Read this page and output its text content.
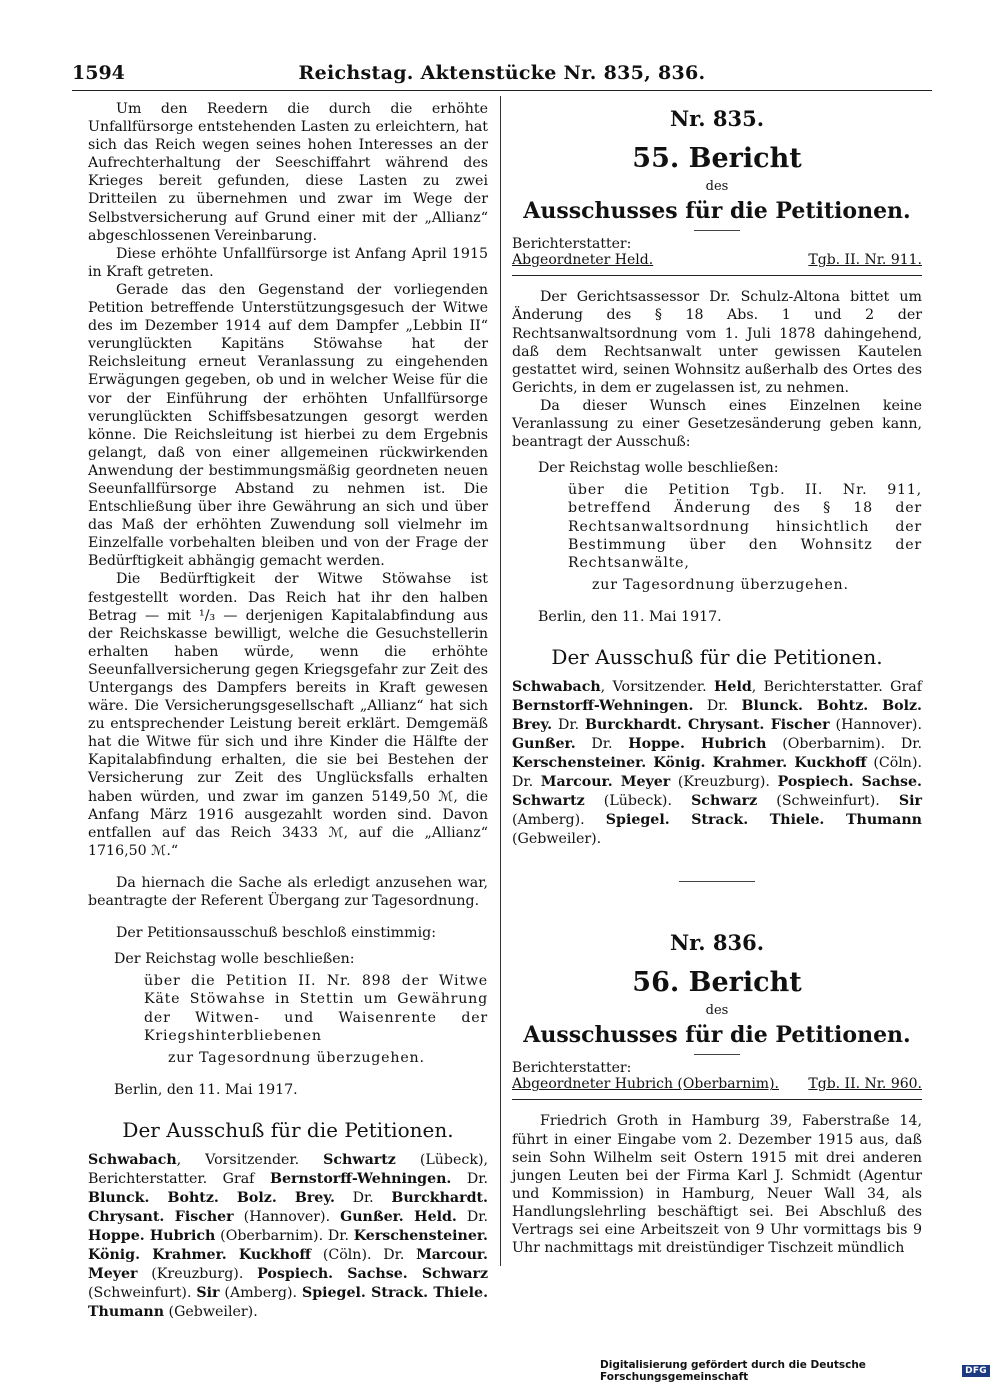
1594	Reichstag. Aktenstücke Nr. 835, 836.

Um den Reedern die durch die erhöhte Unfallfürsorge entstehenden Lasten zu erleichtern, hat sich das Reich wegen seines hohen Interesses an der Aufrechterhaltung der Seeschiffahrt während des Krieges bereit gefunden, diese Lasten zu zwei Dritteilen zu übernehmen und zwar im Wege der Selbstversicherung auf Grund einer mit der „Allianz“ abgeschlossenen Vereinbarung.

Diese erhöhte Unfallfürsorge ist Anfang April 1915 in Kraft getreten.

Gerade das den Gegenstand der vorliegenden Petition betreffende Unterstützungsgesuch der Witwe des im Dezember 1914 auf dem Dampfer „Lebbin II“ verunglückten Kapitäns Stöwahse hat der Reichsleitung erneut Veranlassung zu eingehenden Erwägungen gegeben, ob und in welcher Weise für die vor der Einführung der erhöhten Unfallfürsorge verunglückten Schiffsbesatzungen gesorgt werden könne. Die Reichsleitung ist hierbei zu dem Ergebnis gelangt, daß von einer allgemeinen rückwirkenden Anwendung der bestimmungsmäßig geordneten neuen Seeunfallfürsorge Abstand zu nehmen ist. Die Entschließung über ihre Gewährung an sich und über das Maß der erhöhten Zuwendung soll vielmehr im Einzelfalle vorbehalten bleiben und von der Frage der Bedürftigkeit abhängig gemacht werden.

Die Bedürftigkeit der Witwe Stöwahse ist festgestellt worden. Das Reich hat ihr den halben Betrag — mit ¹/₃ — derjenigen Kapitalabfindung aus der Reichskasse bewilligt, welche die Gesuchstellerin erhalten haben würde, wenn die erhöhte Seeunfallversicherung gegen Kriegsgefahr zur Zeit des Untergangs des Dampfers bereits in Kraft gewesen wäre. Die Versicherungsgesellschaft „Allianz“ hat sich zu entsprechender Leistung bereit erklärt. Demgemäß hat die Witwe für sich und ihre Kinder die Hälfte der Kapitalabfindung erhalten, die sie bei Bestehen der Versicherung zur Zeit des Unglücksfalls erhalten haben würden, und zwar im ganzen 5149,50 ℳ, die Anfang März 1916 ausgezahlt worden sind. Davon entfallen auf das Reich 3433 ℳ, auf die „Allianz“ 1716,50 ℳ.“

Da hiernach die Sache als erledigt anzusehen war, beantragte der Referent Übergang zur Tagesordnung.

Der Petitionsausschuß beschloß einstimmig:

Der Reichstag wolle beschließen:

über die Petition II. Nr. 898 der Witwe Käte Stöwahse in Stettin um Gewährung der Witwen- und Waisenrente der Kriegshinterbliebenen

zur Tagesordnung überzugehen.

Berlin, den 11. Mai 1917.

Der Ausschuß für die Petitionen.

Schwabach, Vorsitzender. Schwartz (Lübeck), Berichterstatter. Graf Bernstorff-Wehningen. Dr. Blunck. Bohtz. Bolz. Brey. Dr. Burckhardt. Chrysant. Fischer (Hannover). Gunßer. Held. Dr. Hoppe. Hubrich (Oberbarnim). Dr. Kerschensteiner. König. Krahmer. Kuckhoff (Cöln). Dr. Marcour. Meyer (Kreuzburg). Pospiech. Sachse. Schwarz (Schweinfurt). Sir (Amberg). Spiegel. Strack. Thiele. Thumann (Gebweiler).

Nr. 835.

55. Bericht

des

Ausschusses für die Petitionen.

Berichterstatter:
Abgeordneter Held.	Tgb. II. Nr. 911.

Der Gerichtsassessor Dr. Schulz-Altona bittet um Änderung des § 18 Abs. 1 und 2 der Rechtsanwaltsordnung vom 1. Juli 1878 dahingehend, daß dem Rechtsanwalt unter gewissen Kautelen gestattet wird, seinen Wohnsitz außerhalb des Ortes des Gerichts, in dem er zugelassen ist, zu nehmen.

Da dieser Wunsch eines Einzelnen keine Veranlassung zu einer Gesetzesänderung geben kann, beantragt der Ausschuß:

Der Reichstag wolle beschließen:

über die Petition Tgb. II. Nr. 911, betreffend Änderung des § 18 der Rechtsanwaltsordnung hinsichtlich der Bestimmung über den Wohnsitz der Rechtsanwälte,

zur Tagesordnung überzugehen.

Berlin, den 11. Mai 1917.

Der Ausschuß für die Petitionen.

Schwabach, Vorsitzender. Held, Berichterstatter. Graf Bernstorff-Wehningen. Dr. Blunck. Bohtz. Bolz. Brey. Dr. Burckhardt. Chrysant. Fischer (Hannover). Gunßer. Dr. Hoppe. Hubrich (Oberbarnim). Dr. Kerschensteiner. König. Krahmer. Kuckhoff (Cöln). Dr. Marcour. Meyer (Kreuzburg). Pospiech. Sachse. Schwartz (Lübeck). Schwarz (Schweinfurt). Sir (Amberg). Spiegel. Strack. Thiele. Thumann (Gebweiler).

Nr. 836.

56. Bericht

des

Ausschusses für die Petitionen.

Berichterstatter:
Abgeordneter Hubrich (Oberbarnim). Tgb. II. Nr. 960.

Friedrich Groth in Hamburg 39, Faberstraße 14, führt in einer Eingabe vom 2. Dezember 1915 aus, daß sein Sohn Wilhelm seit Ostern 1915 mit drei anderen jungen Leuten bei der Firma Karl J. Schmidt (Agentur und Kommission) in Hamburg, Neuer Wall 34, als Handlungslehrling beschäftigt sei. Bei Abschluß des Vertrags sei eine Arbeitszeit von 9 Uhr vormittags bis 9 Uhr nachmittags mit dreistündiger Tischzeit mündlich

Digitalisierung gefördert durch die Deutsche Forschungsgemeinschaft	DFG
